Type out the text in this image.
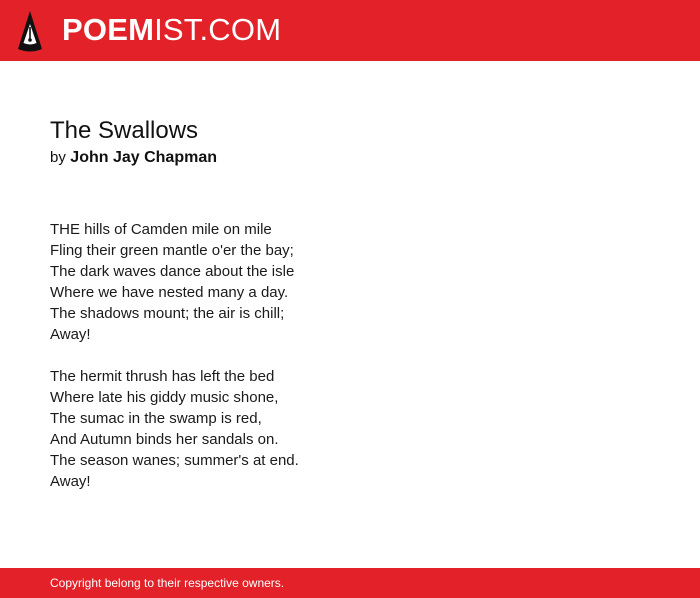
POEMIST.COM
The Swallows
by John Jay Chapman
THE hills of Camden mile on mile
Fling their green mantle o'er the bay;
The dark waves dance about the isle
Where we have nested many a day.
The shadows mount; the air is chill;
Away!
The hermit thrush has left the bed
Where late his giddy music shone,
The sumac in the swamp is red,
And Autumn binds her sandals on.
The season wanes; summer's at end.
Away!
Copyright belong to their respective owners.
